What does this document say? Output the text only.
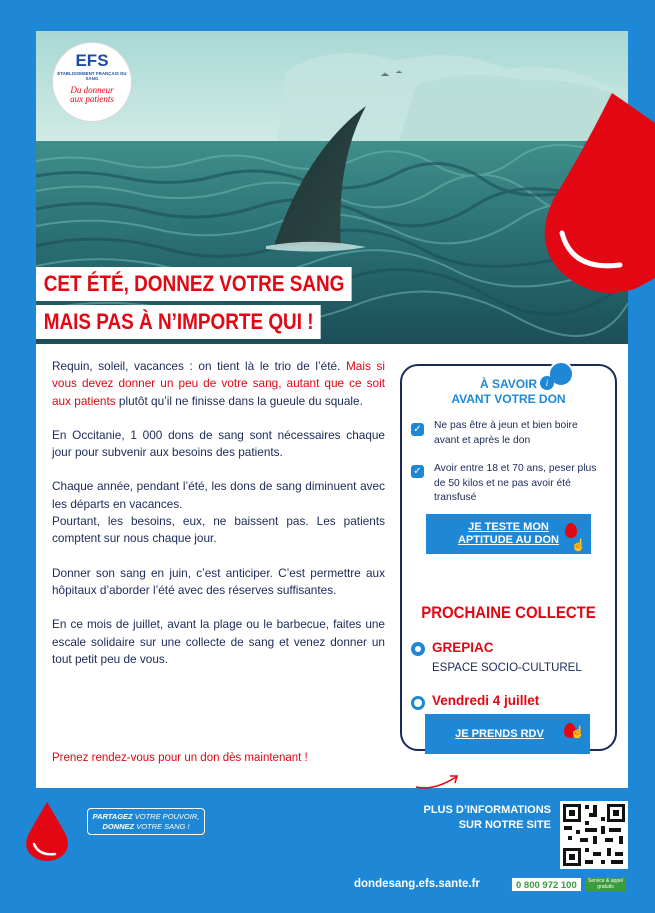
EFS
ÉTABLISSEMENT FRANÇAIS DU SANG
Du donneur
aux patients
CET ÉTÉ, DONNEZ VOTRE SANG
MAIS PAS À N’IMPORTE QUI !

Requin, soleil, vacances : on tient là le trio de l’été. Mais si vous devez donner un peu de votre sang, autant que ce soit aux patients plutôt qu’il ne finisse dans la gueule du squale.

En Occitanie, 1 000 dons de sang sont nécessaires chaque jour pour subvenir aux besoins des patients.

Chaque année, pendant l’été, les dons de sang diminuent avec les départs en vacances.

Pourtant, les besoins, eux, ne baissent pas. Les patients comptent sur nous chaque jour.

Donner son sang en juin, c’est anticiper. C’est permettre aux hôpitaux d’aborder l’été avec des réserves suffisantes.

En ce mois de juillet, avant la plage ou le barbecue, faites une escale solidaire sur une collecte de sang et venez donner un tout petit peu de vous.

Prenez rendez-vous pour un don dès maintenant !
i
À SAVOIR
AVANT VOTRE DON
✓ Ne pas être à jeun et bien boire avant et après le don
✓ Avoir entre 18 et 70 ans, peser plus de 50 kilos et ne pas avoir été transfusé
JE TESTE MON
APTITUDE AU DON	☝
PROCHAINE COLLECTE
GREPIAC
ESPACE SOCIO-CULTUREL
Vendredi 4 juillet
JE PRENDS RDV	☝
PARTAGEZ VOTRE POUVOIR,
DONNEZ VOTRE SANG !
PLUS D’INFORMATIONS
SUR NOTRE SITE
dondesang.efs.sante.fr	0 800 972 100	Service & appel gratuits
